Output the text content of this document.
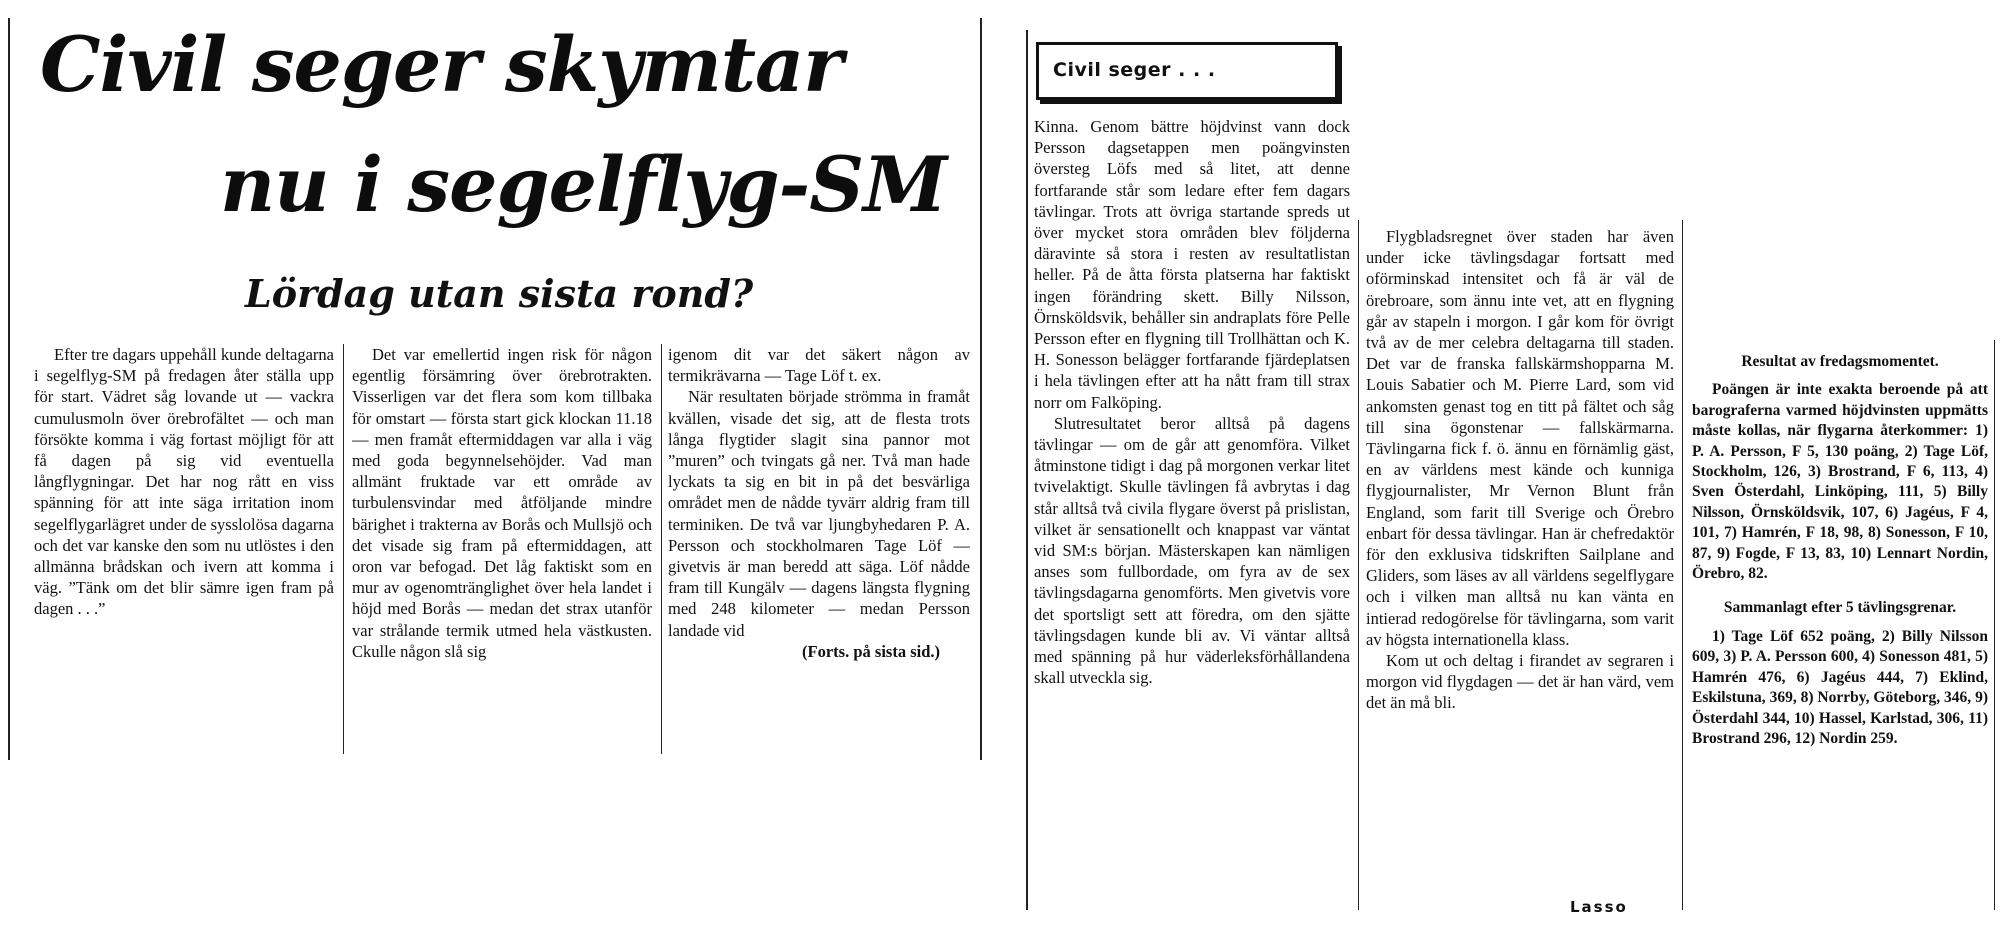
Civil seger skymtar
nu i segelflyg-SM
Lördag utan sista rond?

Efter tre dagars uppehåll kunde deltagarna i segelflyg-SM på fredagen åter ställa upp för start. Vädret såg lovande ut — vackra cumulusmoln över örebrofältet — och man försökte komma i väg fortast möjligt för att få dagen på sig vid eventuella långflygningar. Det har nog rått en viss spänning för att inte säga irritation inom segelflygarlägret under de sysslolösa dagarna och det var kanske den som nu utlöstes i den allmänna brådskan och ivern att komma i väg. ”Tänk om det blir sämre igen fram på dagen . . .”

Det var emellertid ingen risk för någon egentlig försämring över örebrotrakten. Visserligen var det flera som kom tillbaka för omstart — första start gick klockan 11.18 — men framåt eftermiddagen var alla i väg med goda begynnelsehöjder. Vad man allmänt fruktade var ett område av turbulensvindar med åtföljande mindre bärighet i trakterna av Borås och Mullsjö och det visade sig fram på eftermiddagen, att oron var befogad. Det låg faktiskt som en mur av ogenomtränglighet över hela landet i höjd med Borås — medan det strax utanför var strålande termik utmed hela västkusten. Ckulle någon slå sig

igenom dit var det säkert någon av termikrävarna — Tage Löf t. ex.

När resultaten började strömma in framåt kvällen, visade det sig, att de flesta trots långa flygtider slagit sina pannor mot ”muren” och tvingats gå ner. Två man hade lyckats ta sig en bit in på det besvärliga området men de nådde tyvärr aldrig fram till terminiken. De två var ljungbyhedaren P. A. Persson och stockholmaren Tage Löf — givetvis är man beredd att säga. Löf nådde fram till Kungälv — dagens längsta flygning med 248 kilometer — medan Persson landade vid

(Forts. på sista sid.)

Civil seger . . .

Kinna. Genom bättre höjdvinst vann dock Persson dagsetappen men poängvinsten översteg Löfs med så litet, att denne fortfarande står som ledare efter fem dagars tävlingar. Trots att övriga startande spreds ut över mycket stora områden blev följderna däravinte så stora i resten av resultatlistan heller. På de åtta första platserna har faktiskt ingen förändring skett. Billy Nilsson, Örnsköldsvik, behåller sin andraplats före Pelle Persson efter en flygning till Trollhättan och K. H. Sonesson belägger fortfarande fjärdeplatsen i hela tävlingen efter att ha nått fram till strax norr om Falköping.

Slutresultatet beror alltså på dagens tävlingar — om de går att genomföra. Vilket åtminstone tidigt i dag på morgonen verkar litet tvivelaktigt. Skulle tävlingen få avbrytas i dag står alltså två civila flygare överst på prislistan, vilket är sensationellt och knappast var väntat vid SM:s början. Mästerskapen kan nämligen anses som fullbordade, om fyra av de sex tävlingsdagarna genomförts. Men givetvis vore det sportsligt sett att föredra, om den sjätte tävlingsdagen kunde bli av. Vi väntar alltså med spänning på hur väderleksförhållandena skall utveckla sig.

Flygbladsregnet över staden har även under icke tävlingsdagar fortsatt med oförminskad intensitet och få är väl de örebroare, som ännu inte vet, att en flygning går av stapeln i morgon. I går kom för övrigt två av de mer celebra deltagarna till staden. Det var de franska fallskärmshopparna M. Louis Sabatier och M. Pierre Lard, som vid ankomsten genast tog en titt på fältet och såg till sina ögonstenar — fallskärmarna. Tävlingarna fick f. ö. ännu en förnämlig gäst, en av världens mest kände och kunniga flygjournalister, Mr Vernon Blunt från England, som farit till Sverige och Örebro enbart för dessa tävlingar. Han är chefredaktör för den exklusiva tidskriften Sailplane and Gliders, som läses av all världens segelflygare och i vilken man alltså nu kan vänta en intierad redogörelse för tävlingarna, som varit av högsta internationella klass.

Kom ut och deltag i firandet av segraren i morgon vid flygdagen — det är han värd, vem det än må bli.

Lasso

Resultat av fredagsmomentet.

Poängen är inte exakta beroende på att barograferna varmed höjdvinsten uppmätts måste kollas, när flygarna återkommer: 1) P. A. Persson, F 5, 130 poäng, 2) Tage Löf, Stockholm, 126, 3) Brostrand, F 6, 113, 4) Sven Österdahl, Linköping, 111, 5) Billy Nilsson, Örnsköldsvik, 107, 6) Jagéus, F 4, 101, 7) Hamrén, F 18, 98, 8) Sonesson, F 10, 87, 9) Fogde, F 13, 83, 10) Lennart Nordin, Örebro, 82.

Sammanlagt efter 5 tävlingsgrenar.

1) Tage Löf 652 poäng, 2) Billy Nilsson 609, 3) P. A. Persson 600, 4) Sonesson 481, 5) Hamrén 476, 6) Jagéus 444, 7) Eklind, Eskilstuna, 369, 8) Norrby, Göteborg, 346, 9) Österdahl 344, 10) Hassel, Karlstad, 306, 11) Brostrand 296, 12) Nordin 259.
